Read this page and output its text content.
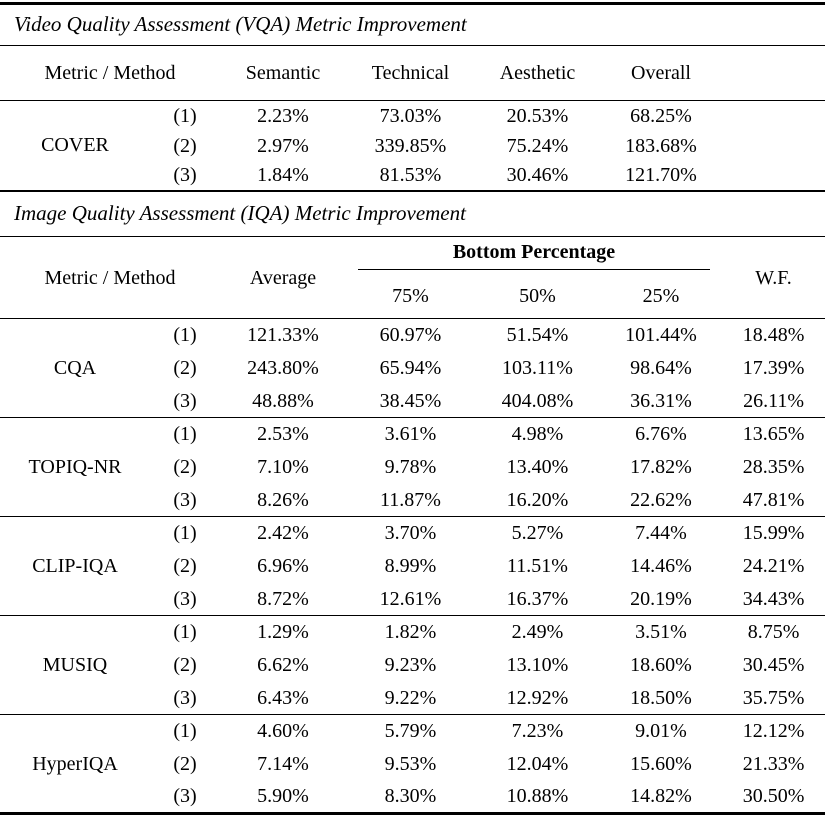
Video Quality Assessment (VQA) Metric Improvement						
Metric / Method		Semantic	Technical	Aesthetic	Overall	
COVER	(1)	2.23%	73.03%	20.53%	68.25%	
	(2)	2.97%	339.85%	75.24%	183.68%	
	(3)	1.84%	81.53%	30.46%	121.70%	
Image Quality Assessment (IQA) Metric Improvement						
Metric / Method		Average	Bottom Percentage			W.F.
			75%	50%	25%	
CQA	(1)	121.33%	60.97%	51.54%	101.44%	18.48%
	(2)	243.80%	65.94%	103.11%	98.64%	17.39%
	(3)	48.88%	38.45%	404.08%	36.31%	26.11%
TOPIQ-NR	(1)	2.53%	3.61%	4.98%	6.76%	13.65%
	(2)	7.10%	9.78%	13.40%	17.82%	28.35%
	(3)	8.26%	11.87%	16.20%	22.62%	47.81%
CLIP-IQA	(1)	2.42%	3.70%	5.27%	7.44%	15.99%
	(2)	6.96%	8.99%	11.51%	14.46%	24.21%
	(3)	8.72%	12.61%	16.37%	20.19%	34.43%
MUSIQ	(1)	1.29%	1.82%	2.49%	3.51%	8.75%
	(2)	6.62%	9.23%	13.10%	18.60%	30.45%
	(3)	6.43%	9.22%	12.92%	18.50%	35.75%
HyperIQA	(1)	4.60%	5.79%	7.23%	9.01%	12.12%
	(2)	7.14%	9.53%	12.04%	15.60%	21.33%
	(3)	5.90%	8.30%	10.88%	14.82%	30.50%
